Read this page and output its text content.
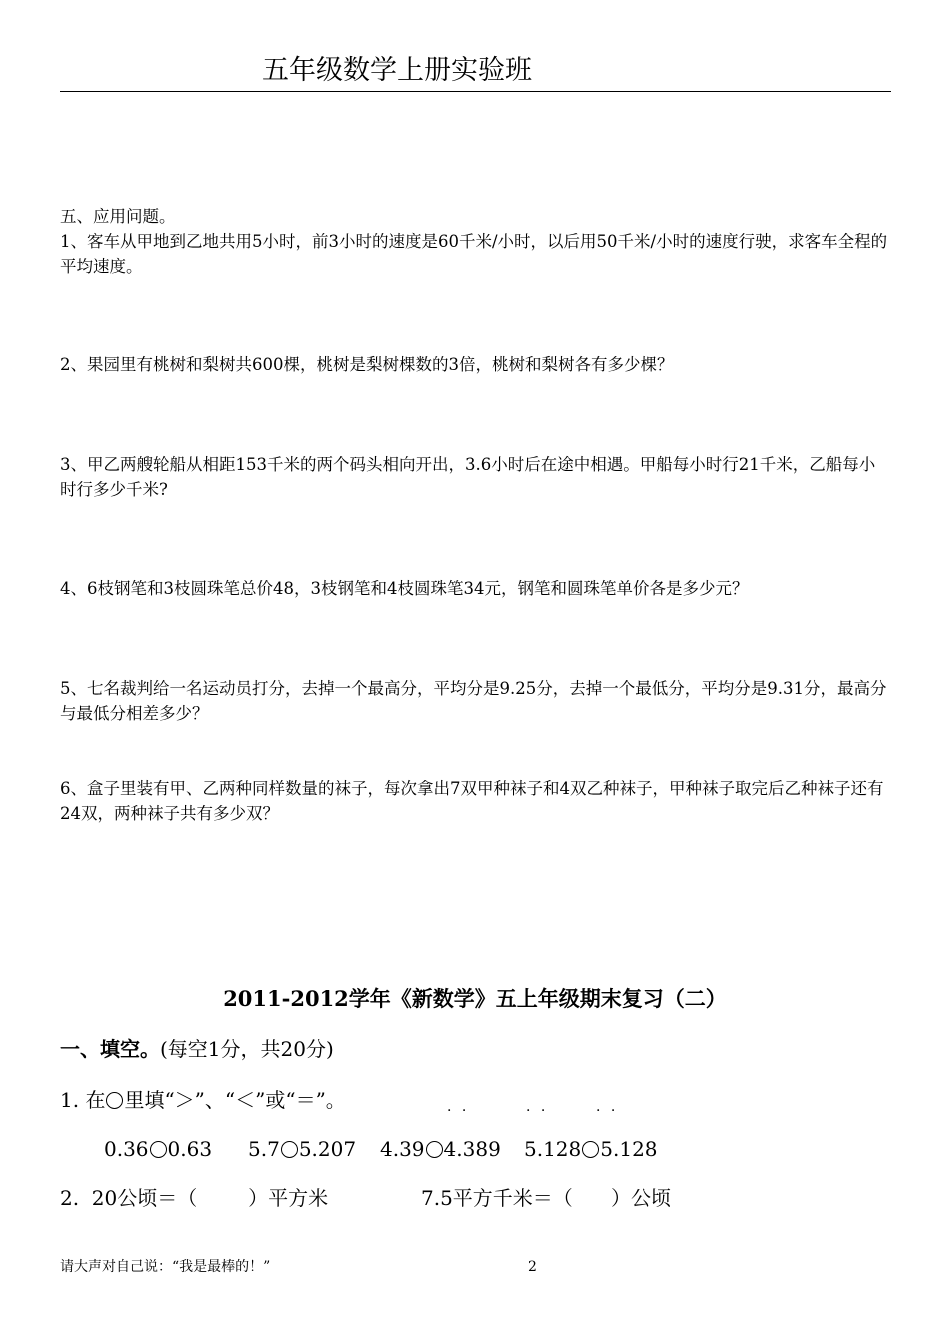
五年级数学上册实验班
五、应用问题。
1、客车从甲地到乙地共用5小时，前3小时的速度是60千米/小时，以后用50千米/小时的速度行驶，求客车全程的平均速度。
2、果园里有桃树和梨树共600棵，桃树是梨树棵数的3倍，桃树和梨树各有多少棵？
3、甲乙两艘轮船从相距153千米的两个码头相向开出，3.6小时后在途中相遇。甲船每小时行21千米，乙船每小时行多少千米?
4、6枝钢笔和3枝圆珠笔总价48，3枝钢笔和4枝圆珠笔34元，钢笔和圆珠笔单价各是多少元？
5、七名裁判给一名运动员打分，去掉一个最高分，平均分是9.25分，去掉一个最低分，平均分是9.31分，最高分与最低分相差多少？
6、盒子里装有甲、乙两种同样数量的袜子，每次拿出7双甲种袜子和4双乙种袜子，甲种袜子取完后乙种袜子还有24双，两种袜子共有多少双？
2011-2012学年《新数学》五上年级期末复习（二）
一、填空。(每空1分，共20分)
1. 在 里填“＞”、“＜”或“＝”。	· ·	· ·	· ·
0.36 0.63 5.7 5.207 4.39 4.389 5.128 5.128
2.  20公顷＝（        ）平方米	7.5平方千米＝（      ）公顷
请大声对自己说：“我是最棒的！”	2
